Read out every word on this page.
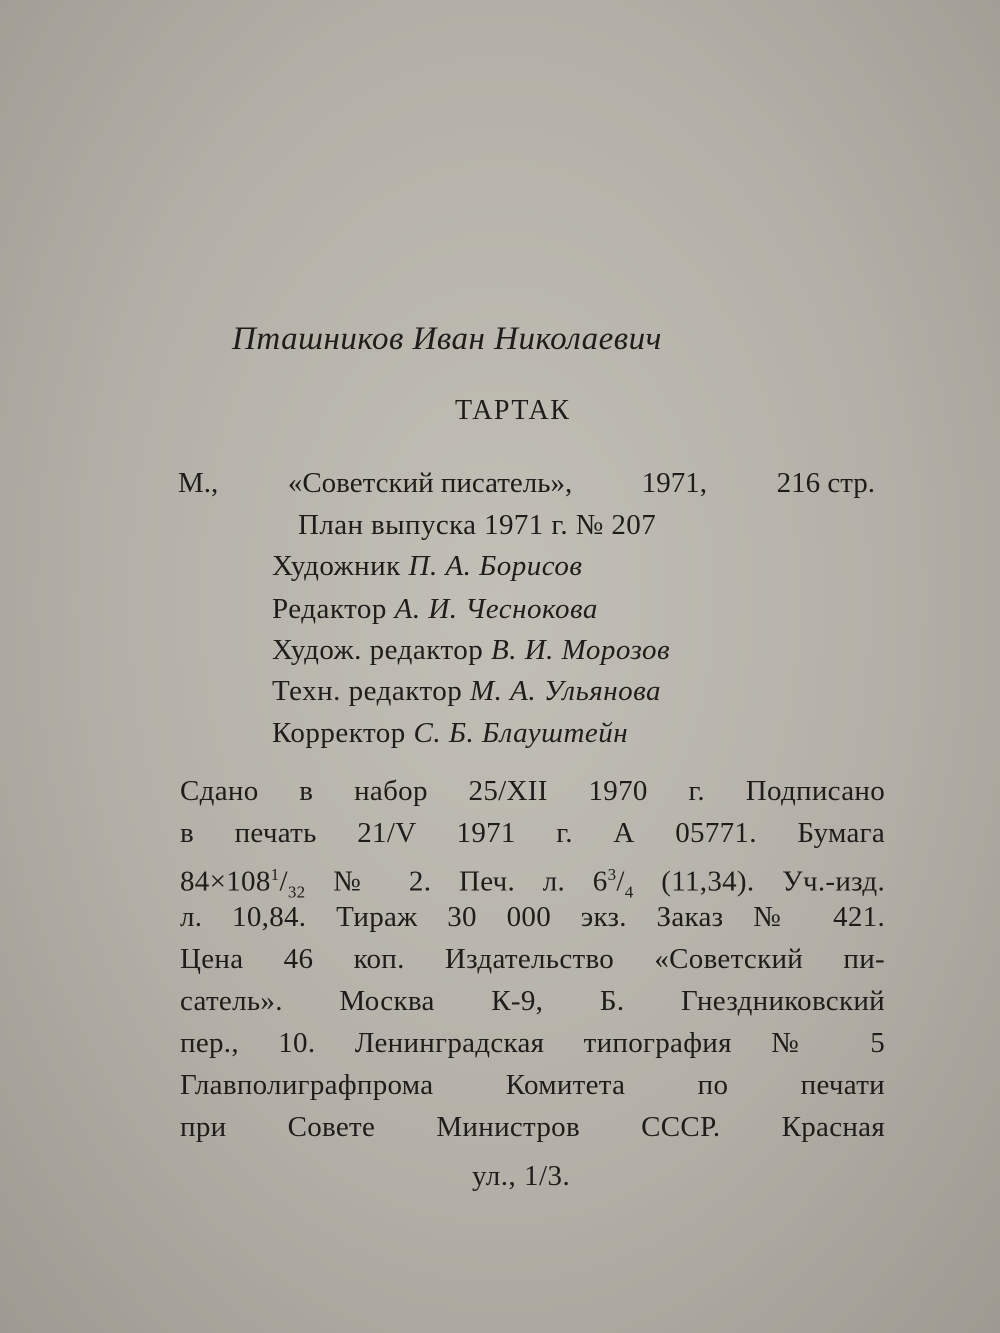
Пташников Иван Николаевич
ТАРТАК
М., «Советский писатель», 1971, 216 стр.
План выпуска 1971 г. № 207
Художник П. А. Борисов
Редактор А. И. Чеснокова
Худож. редактор В. И. Морозов
Техн. редактор М. А. Ульянова
Корректор С. Б. Блауштейн
Сдано в набор 25/XII 1970 г. Подписано
в печать 21/V 1971 г. А 05771. Бумага
$84\times 108^1/_{32}$ № 2. Печ. л. $6^3/_4$ (11,34). Уч.-изд.
л. 10,84. Тираж 30 000 экз. Заказ № 421.
Цена 46 коп. Издательство «Советский пи-
сатель». Москва К-9, Б. Гнездниковский
пер., 10. Ленинградская типография № 5
Главполиграфпрома Комитета по печати
при Совете Министров СССР. Красная
ул., 1/3.
